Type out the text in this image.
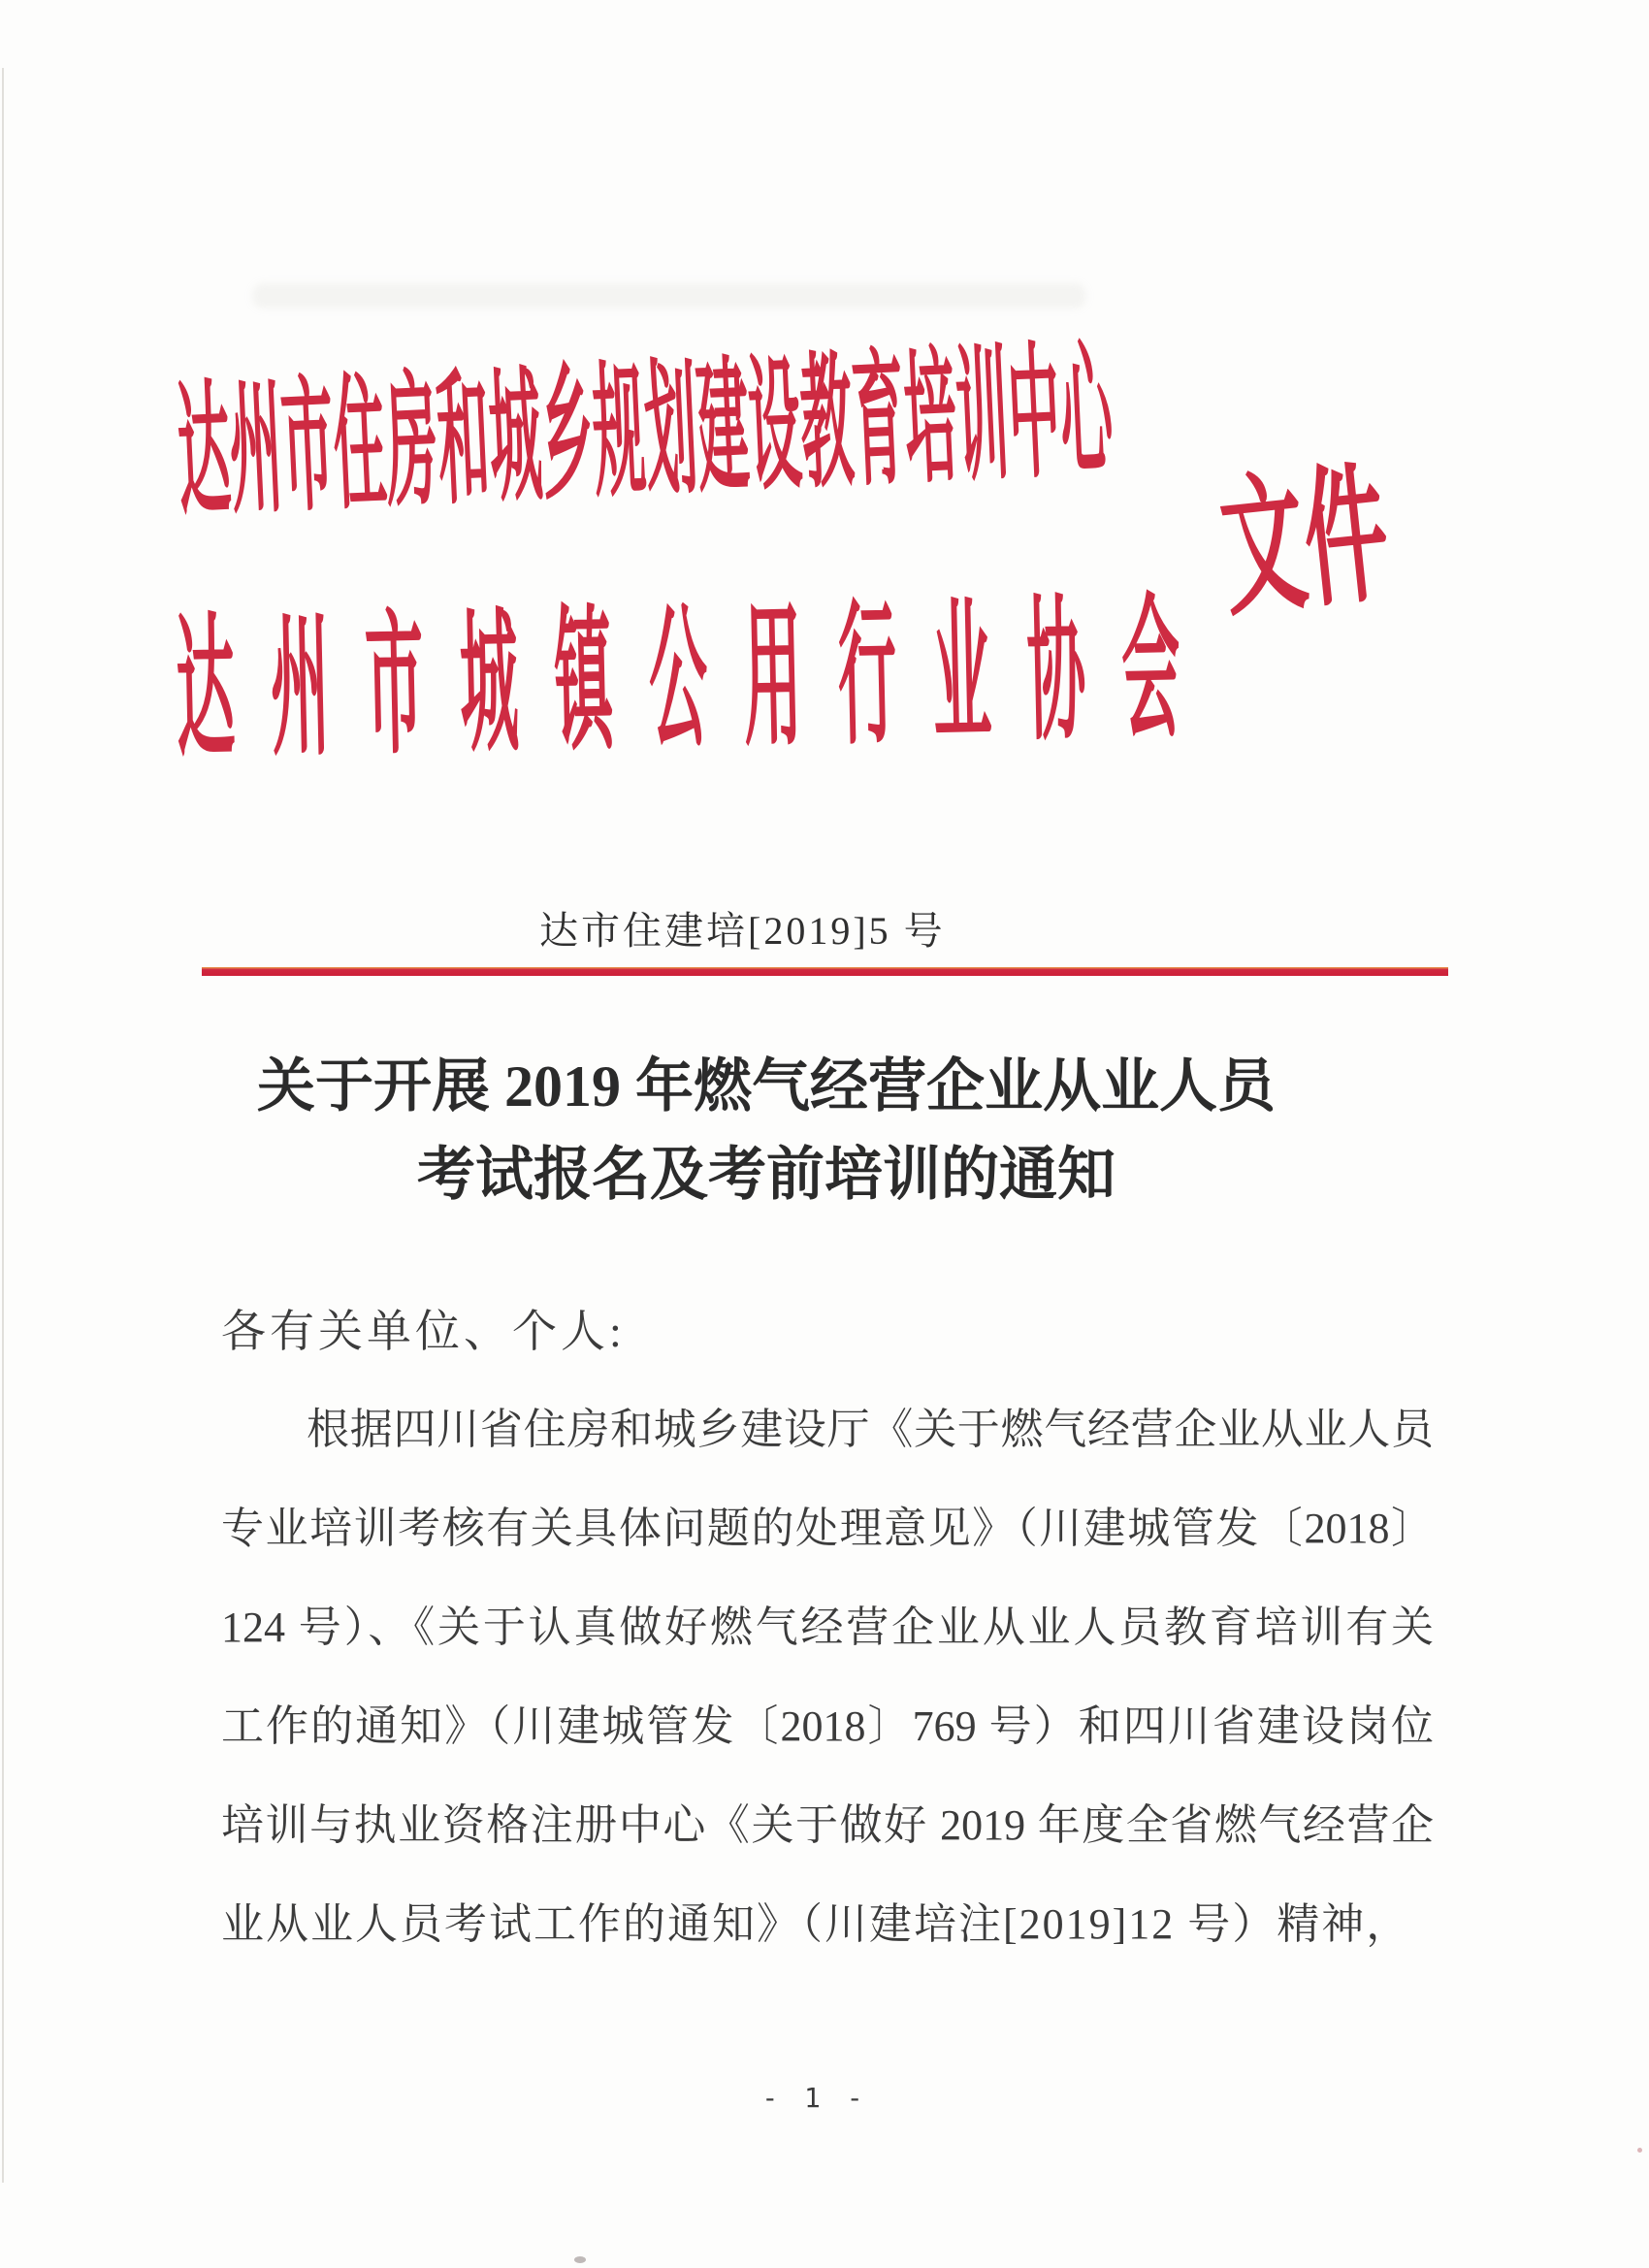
达州市住房和城乡规划建设教育培训中心
达州市城镇公用行业协会
文件
达市住建培[2019]5 号
关于开展 2019 年燃气经营企业从业人员
考试报名及考前培训的通知
各有关单位、个人:
根据四川省住房和城乡建设厅《关于燃气经营企业从业人员
专业培训考核有关具体问题的处理意见》（川建城管发〔2018〕
124 号）、《关于认真做好燃气经营企业从业人员教育培训有关
工作的通知》（川建城管发〔2018〕769 号）和四川省建设岗位
培训与执业资格注册中心《关于做好 2019 年度全省燃气经营企
业从业人员考试工作的通知》（川建培注[2019]12 号）精神，
- 1 -
